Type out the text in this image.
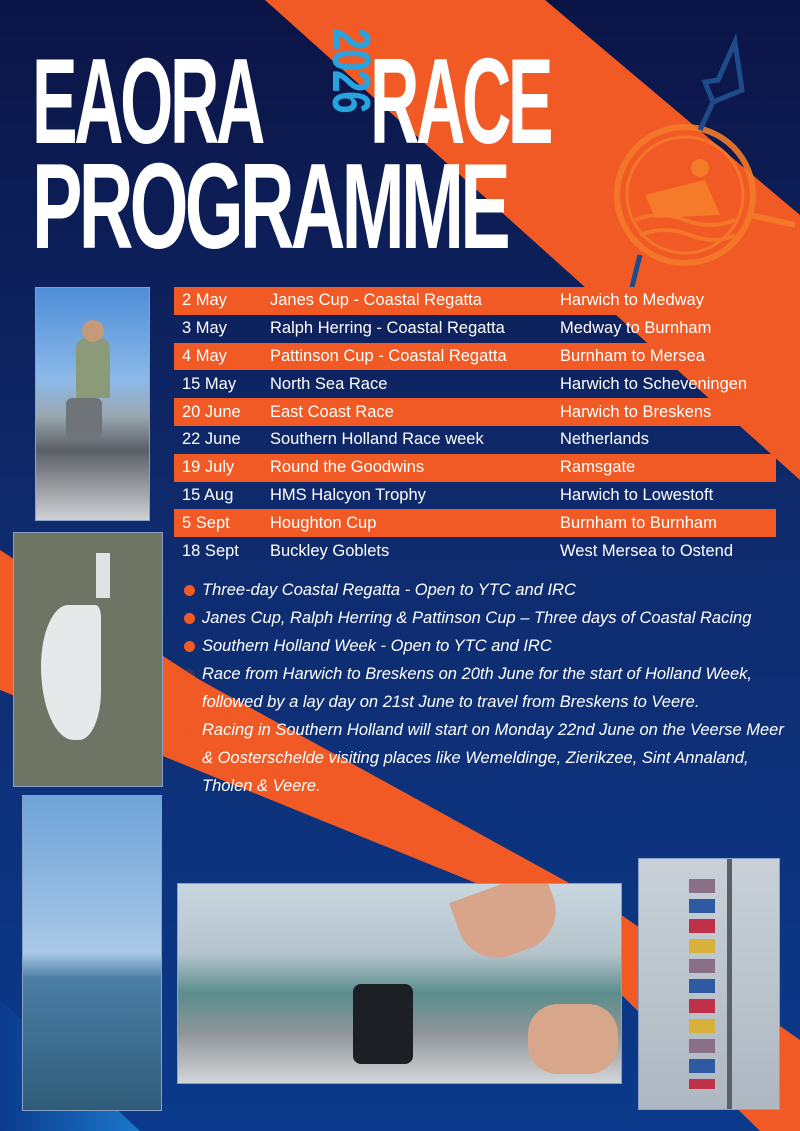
EAORA 2026
RACE
PROGRAMME
2 May	Janes Cup - Coastal Regatta	Harwich to Medway
3 May	Ralph Herring - Coastal Regatta	Medway to Burnham
4 May	Pattinson Cup - Coastal Regatta	Burnham to Mersea
15 May	North Sea Race	Harwich to Scheveningen
20 June	East Coast Race	Harwich to Breskens
22 June	Southern Holland Race week	Netherlands
19 July	Round the Goodwins	Ramsgate
15 Aug	HMS Halcyon Trophy	Harwich to Lowestoft
5 Sept	Houghton Cup	Burnham to Burnham
18 Sept	Buckley Goblets	West Mersea to Ostend
Three-day Coastal Regatta - Open to YTC and IRC
Janes Cup, Ralph Herring & Pattinson Cup – Three days of Coastal Racing
Southern Holland Week - Open to YTC and IRC
Race from Harwich to Breskens on 20th June for the start of Holland Week, followed by a lay day on 21st June to travel from Breskens to Veere.
Racing in Southern Holland will start on Monday 22nd June on the Veerse Meer & Oosterschelde visiting places like Wemeldinge, Zierikzee, Sint Annaland, Tholen & Veere.
